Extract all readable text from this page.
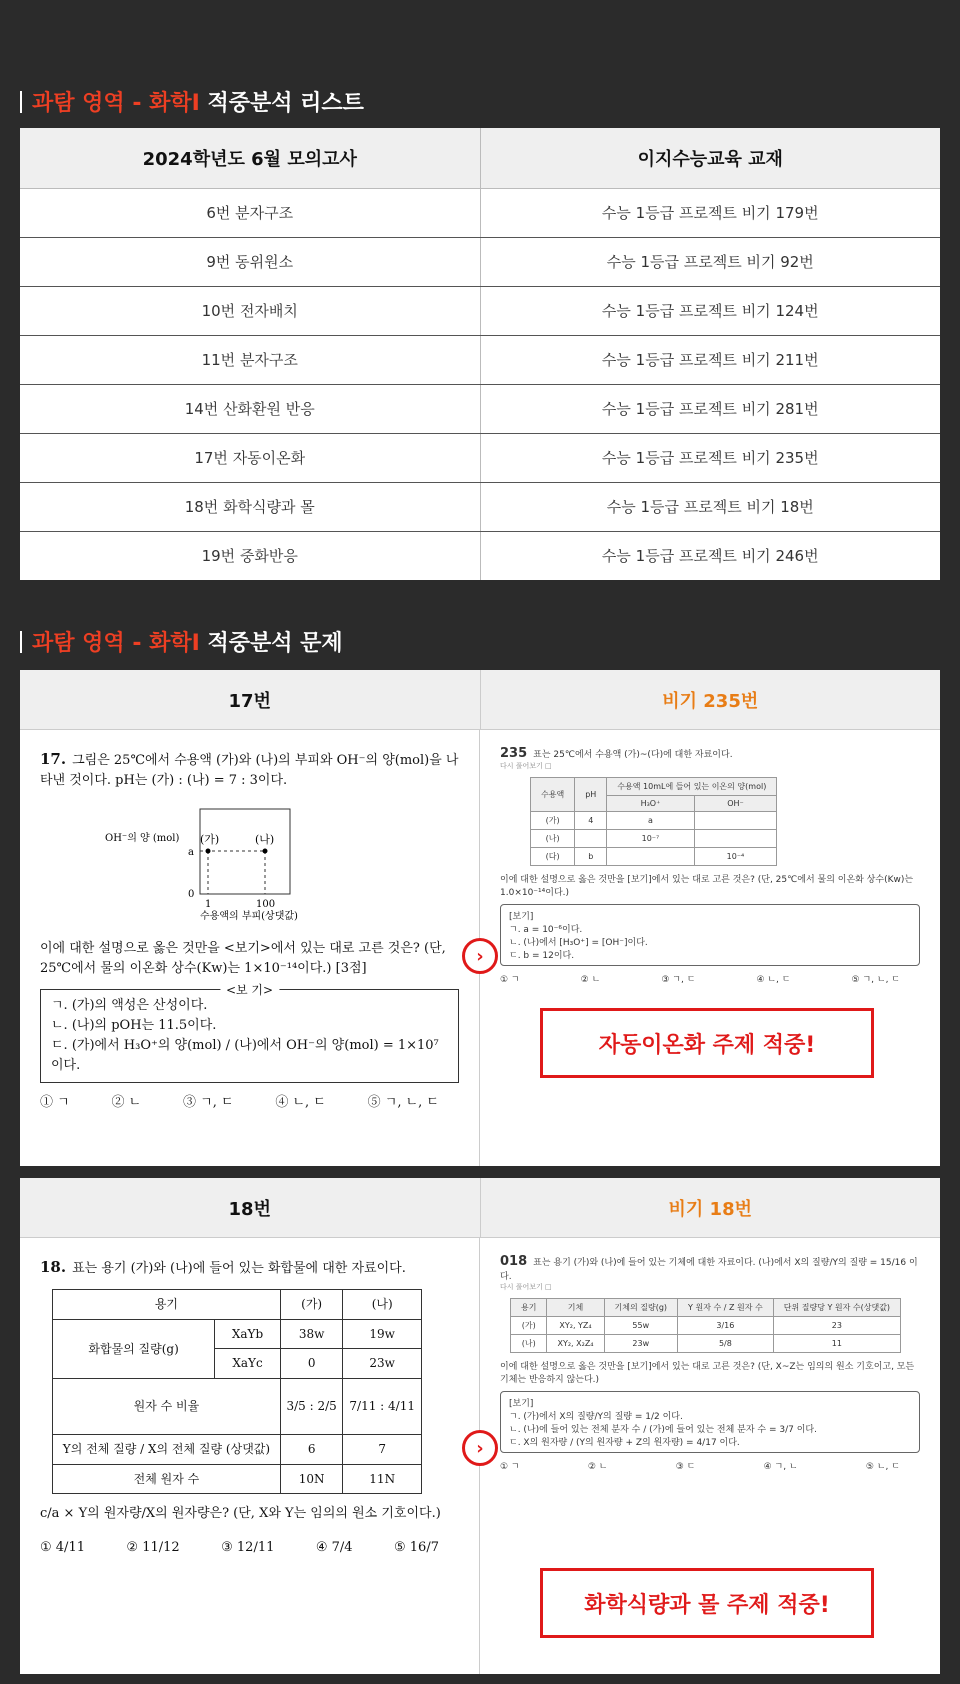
과탐 영역 - 화학I 적중분석 리스트
2024학년도 6월 모의고사	이지수능교육 교재
6번 분자구조	수능 1등급 프로젝트 비기 179번
9번 동위원소	수능 1등급 프로젝트 비기 92번
10번 전자배치	수능 1등급 프로젝트 비기 124번
11번 분자구조	수능 1등급 프로젝트 비기 211번
14번 산화환원 반응	수능 1등급 프로젝트 비기 281번
17번 자동이온화	수능 1등급 프로젝트 비기 235번
18번 화학식량과 몰	수능 1등급 프로젝트 비기 18번
19번 중화반응	수능 1등급 프로젝트 비기 246번
과탐 영역 - 화학I 적중분석 문제
17번	비기 235번
17. 그림은 25℃에서 수용액 (가)와 (나)의 부피와 OH⁻의 양(mol)을 나타낸 것이다. pH는 (가) : (나) = 7 : 3이다.
OH⁻의 양 (mol) (가)	(나)
a
0
1	100
수용액의 부피(상댓값)
이에 대한 설명으로 옳은 것만을 <보기>에서 있는 대로 고른 것은? (단, 25℃에서 물의 이온화 상수(Kw)는 1×10⁻¹⁴이다.) [3점]
<보 기>
ㄱ. (가)의 액성은 산성이다.
ㄴ. (나)의 pOH는 11.5이다.
ㄷ. (가)에서 H₃O⁺의 양(mol) / (나)에서 OH⁻의 양(mol) = 1×10⁷이다.
① ㄱ	② ㄴ	③ ㄱ, ㄷ	④ ㄴ, ㄷ	⑤ ㄱ, ㄴ, ㄷ
›
235 표는 25℃에서 수용액 (가)~(다)에 대한 자료이다.
다시 풀어보기 □
수용액	pH	수용액 10mL에 들어 있는 이온의 양(mol)	
		H₃O⁺	OH⁻
(가)	4	a	
(나)		10⁻⁷	
(다)	b		10⁻⁴
이에 대한 설명으로 옳은 것만을 [보기]에서 있는 대로 고른 것은? (단, 25℃에서 물의 이온화 상수(Kw)는 1.0×10⁻¹⁴이다.)
[보기]
ㄱ. a = 10⁻⁶이다.
ㄴ. (나)에서 [H₃O⁺] = [OH⁻]이다.
ㄷ. b = 12이다.
① ㄱ	② ㄴ	③ ㄱ, ㄷ	④ ㄴ, ㄷ	⑤ ㄱ, ㄴ, ㄷ
자동이온화 주제 적중!
18번	비기 18번
18. 표는 용기 (가)와 (나)에 들어 있는 화합물에 대한 자료이다.
용기		(가)	(나)
화합물의 질량(g)	XaYb	38w	19w
	XaYc	0	23w
원자 수 비율		3/5 : 2/5	7/11 : 4/11
Y의 전체 질량 / X의 전체 질량 (상댓값)		6	7
전체 원자 수		10N	11N
c/a × Y의 원자량/X의 원자량은? (단, X와 Y는 임의의 원소 기호이다.)
① 4/11	② 11/12	③ 12/11	④ 7/4	⑤ 16/7
›
018 표는 용기 (가)와 (나)에 들어 있는 기체에 대한 자료이다. (나)에서 X의 질량/Y의 질량 = 15/16 이다.
다시 풀어보기 □
용기	기체	기체의 질량(g)	Y 원자 수 / Z 원자 수	단위 질량당 Y 원자 수(상댓값)
(가)	XY₂, YZ₄	55w	3/16	23
(나)	XY₂, X₂Z₄	23w	5/8	11
이에 대한 설명으로 옳은 것만을 [보기]에서 있는 대로 고른 것은? (단, X~Z는 임의의 원소 기호이고, 모든 기체는 반응하지 않는다.)
[보기]
ㄱ. (가)에서 X의 질량/Y의 질량 = 1/2 이다.
ㄴ. (나)에 들어 있는 전체 분자 수 / (가)에 들어 있는 전체 분자 수 = 3/7 이다.
ㄷ. X의 원자량 / (Y의 원자량 + Z의 원자량) = 4/17 이다.
① ㄱ	② ㄴ	③ ㄷ	④ ㄱ, ㄴ	⑤ ㄴ, ㄷ
화학식량과 몰 주제 적중!
